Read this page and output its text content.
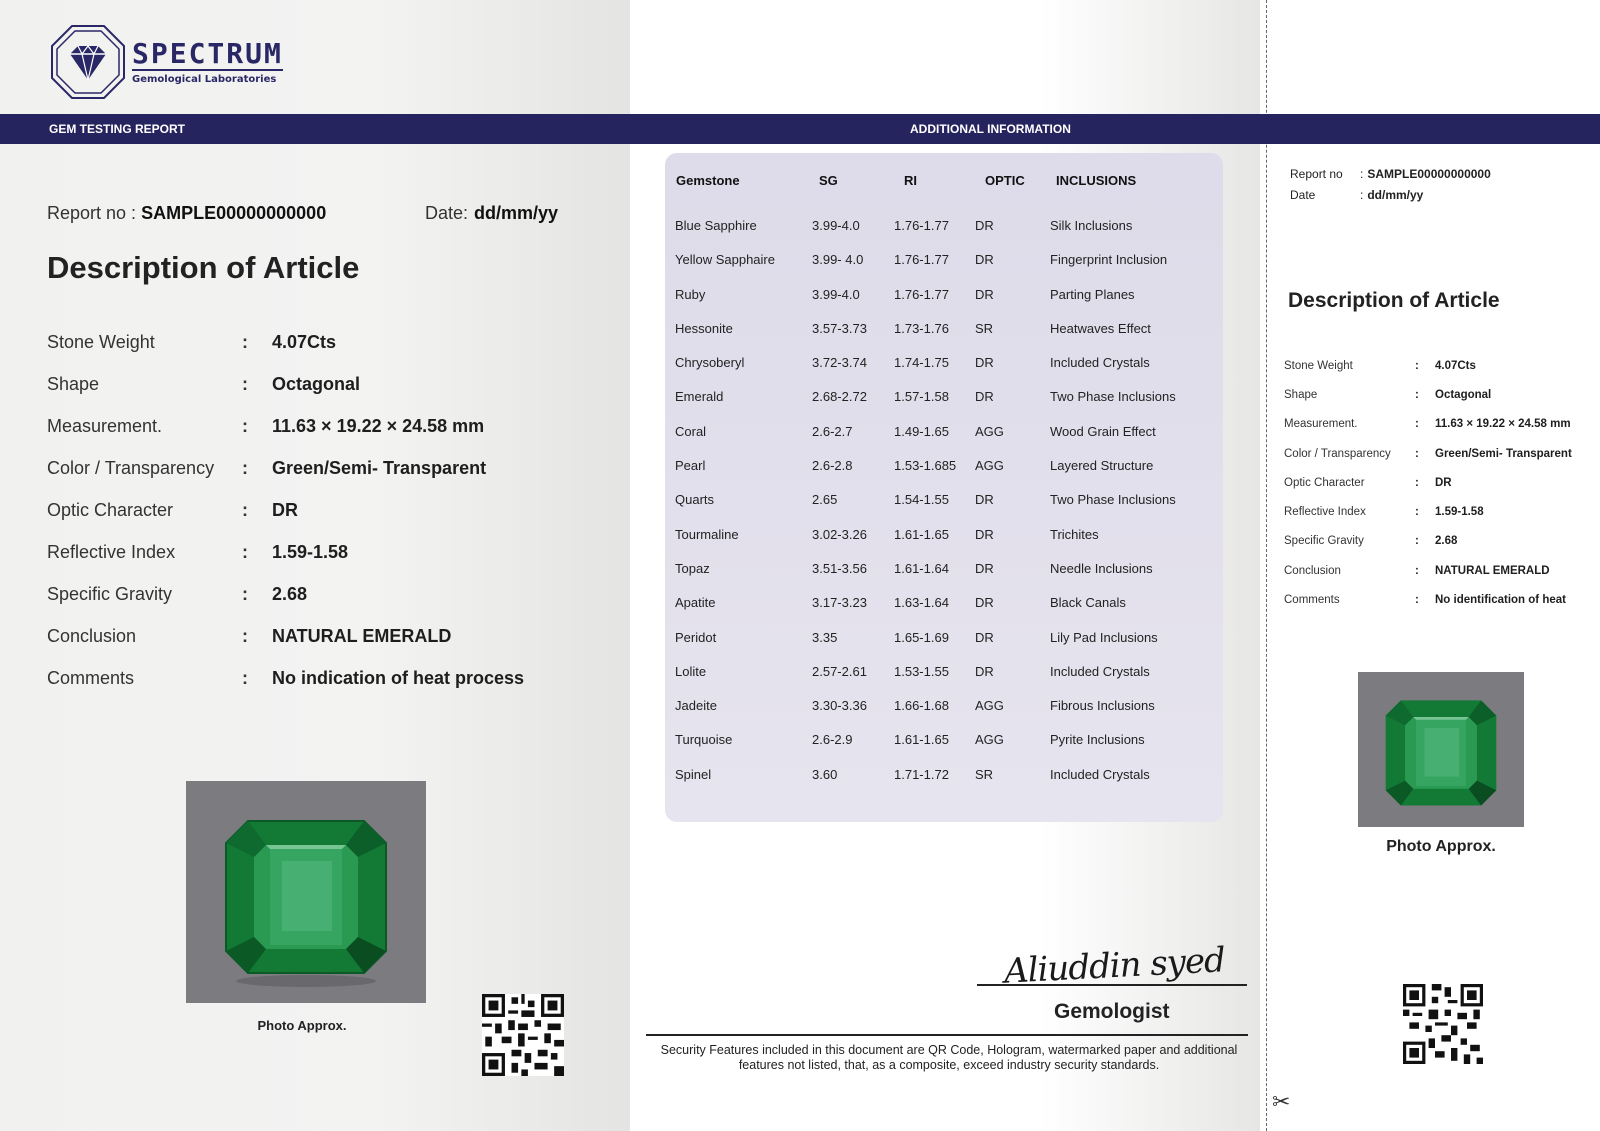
✂
SPECTRUM
Gemological Laboratories
GEM TESTING REPORT	ADDITIONAL INFORMATION
Report no : SAMPLE00000000000	Date: dd/mm/yy
Description of Article
Stone Weight	:	4.07Cts
Shape	:	Octagonal
Measurement.	:	11.63 × 19.22 × 24.58 mm
Color / Transparency	:	Green/Semi- Transparent
Optic Character	:	DR
Reflective Index	:	1.59-1.58
Specific Gravity	:	2.68
Conclusion	:	NATURAL EMERALD
Comments	:	No indication of heat process
Photo Approx.
Gemstone	SG	RI	OPTIC INCLUSIONS
Blue Sapphire	3.99-4.0	1.76-1.77 DR	Silk Inclusions
Yellow Sapphaire	3.99- 4.0 1.76-1.77 DR	Fingerprint Inclusion
Ruby	3.99-4.0	1.76-1.77 DR	Parting Planes
Hessonite	3.57-3.73 1.73-1.76 SR	Heatwaves Effect
Chrysoberyl	3.72-3.74 1.74-1.75 DR	Included Crystals
Emerald	2.68-2.72 1.57-1.58 DR	Two Phase Inclusions
Coral	2.6-2.7	1.49-1.65 AGG	Wood Grain Effect
Pearl	2.6-2.8	1.53-1.685 AGG	Layered Structure
Quarts	2.65	1.54-1.55 DR	Two Phase Inclusions
Tourmaline	3.02-3.26 1.61-1.65 DR	Trichites
Topaz	3.51-3.56 1.61-1.64 DR	Needle Inclusions
Apatite	3.17-3.23 1.63-1.64 DR	Black Canals
Peridot	3.35	1.65-1.69 DR	Lily Pad Inclusions
Lolite	2.57-2.61 1.53-1.55 DR	Included Crystals
Jadeite	3.30-3.36 1.66-1.68 AGG	Fibrous Inclusions
Turquoise	2.6-2.9	1.61-1.65 AGG	Pyrite Inclusions
Spinel	3.60	1.71-1.72 SR	Included Crystals
Aliuddin syed
Gemologist
Security Features included in this document are QR Code, Hologram, watermarked paper and additional features not listed, that, as a composite, exceed industry security standards.
Report no	: SAMPLE00000000000
Date	: dd/mm/yy
Description of Article
Stone Weight	:	4.07Cts
Shape	:	Octagonal
Measurement.	:	11.63 × 19.22 × 24.58 mm
Color / Transparency	:	Green/Semi- Transparent
Optic Character	:	DR
Reflective Index	:	1.59-1.58
Specific Gravity	:	2.68
Conclusion	:	NATURAL EMERALD
Comments	:	No identification of heat
Photo Approx.
